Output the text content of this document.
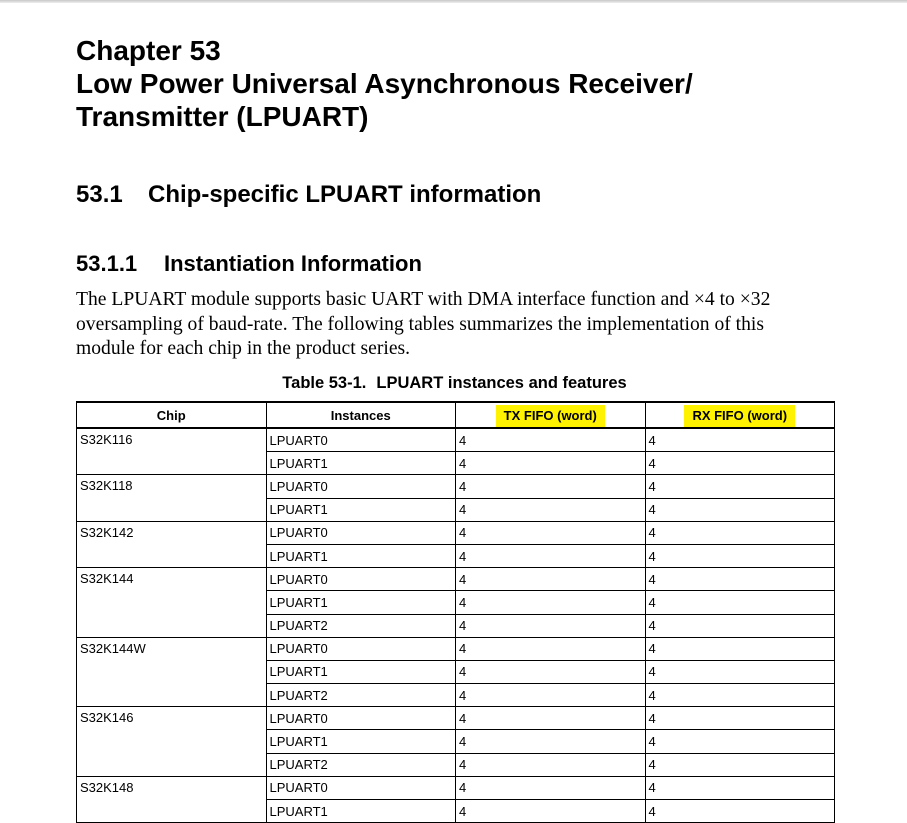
Chapter 53
Low Power Universal Asynchronous Receiver/
Transmitter (LPUART)
53.1 Chip-specific LPUART information
53.1.1 Instantiation Information

The LPUART module supports basic UART with DMA interface function and ×4 to ×32
oversampling of baud-rate. The following tables summarizes the implementation of this
module for each chip in the product series.

Table 53-1. LPUART instances and features
Chip	Instances	TX FIFO (word)	RX FIFO (word)
S32K116	LPUART0	4	4
	LPUART1	4	4
S32K118	LPUART0	4	4
	LPUART1	4	4
S32K142	LPUART0	4	4
	LPUART1	4	4
S32K144	LPUART0	4	4
	LPUART1	4	4
	LPUART2	4	4
S32K144W	LPUART0	4	4
	LPUART1	4	4
	LPUART2	4	4
S32K146	LPUART0	4	4
	LPUART1	4	4
	LPUART2	4	4
S32K148	LPUART0	4	4
	LPUART1	4	4
